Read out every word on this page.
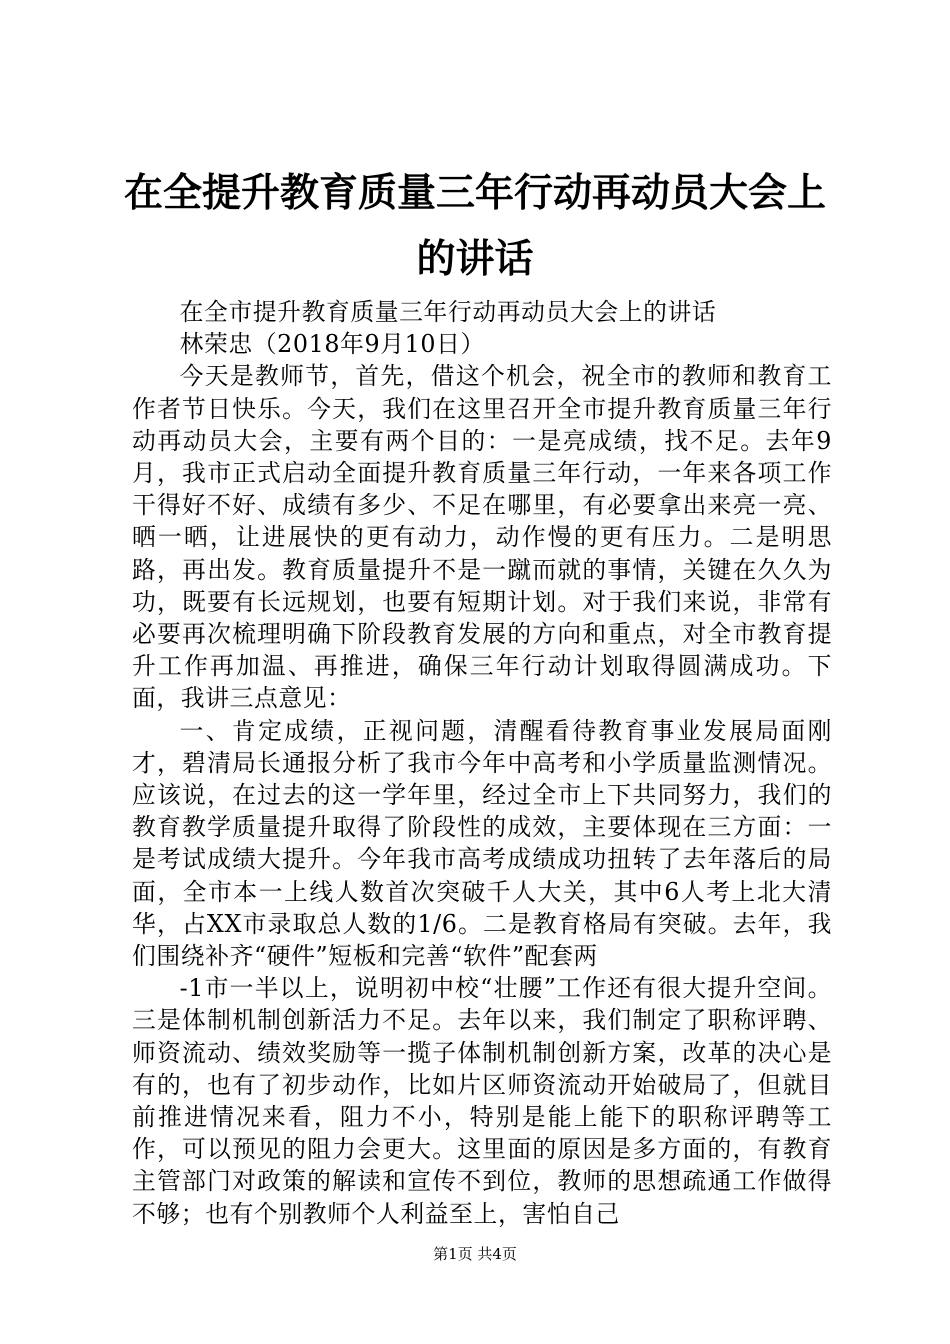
在全提升教育质量三年行动再动员大会上的讲话

在全市提升教育质量三年行动再动员大会上的讲话

林荣忠（2018年9月10日）

今天是教师节，首先，借这个机会，祝全市的教师和教育工作者节日快乐。今天，我们在这里召开全市提升教育质量三年行动再动员大会，主要有两个目的：一是亮成绩，找不足。去年9月，我市正式启动全面提升教育质量三年行动，一年来各项工作干得好不好、成绩有多少、不足在哪里，有必要拿出来亮一亮、晒一晒，让进展快的更有动力，动作慢的更有压力。二是明思路，再出发。教育质量提升不是一蹴而就的事情，关键在久久为功，既要有长远规划，也要有短期计划。对于我们来说，非常有必要再次梳理明确下阶段教育发展的方向和重点，对全市教育提升工作再加温、再推进，确保三年行动计划取得圆满成功。下面，我讲三点意见：

一、肯定成绩，正视问题，清醒看待教育事业发展局面刚才，碧清局长通报分析了我市今年中高考和小学质量监测情况。应该说，在过去的这一学年里，经过全市上下共同努力，我们的教育教学质量提升取得了阶段性的成效，主要体现在三方面：一是考试成绩大提升。今年我市高考成绩成功扭转了去年落后的局面，全市本一上线人数首次突破千人大关，其中6人考上北大清华，占XX市录取总人数的1/6。二是教育格局有突破。去年，我们围绕补齐“硬件”短板和完善“软件”配套两

-1市一半以上，说明初中校“壮腰”工作还有很大提升空间。三是体制机制创新活力不足。去年以来，我们制定了职称评聘、师资流动、绩效奖励等一揽子体制机制创新方案，改革的决心是有的，也有了初步动作，比如片区师资流动开始破局了，但就目前推进情况来看，阻力不小，特别是能上能下的职称评聘等工作，可以预见的阻力会更大。这里面的原因是多方面的，有教育主管部门对政策的解读和宣传不到位，教师的思想疏通工作做得不够；也有个别教师个人利益至上，害怕自己

第1页 共4页
